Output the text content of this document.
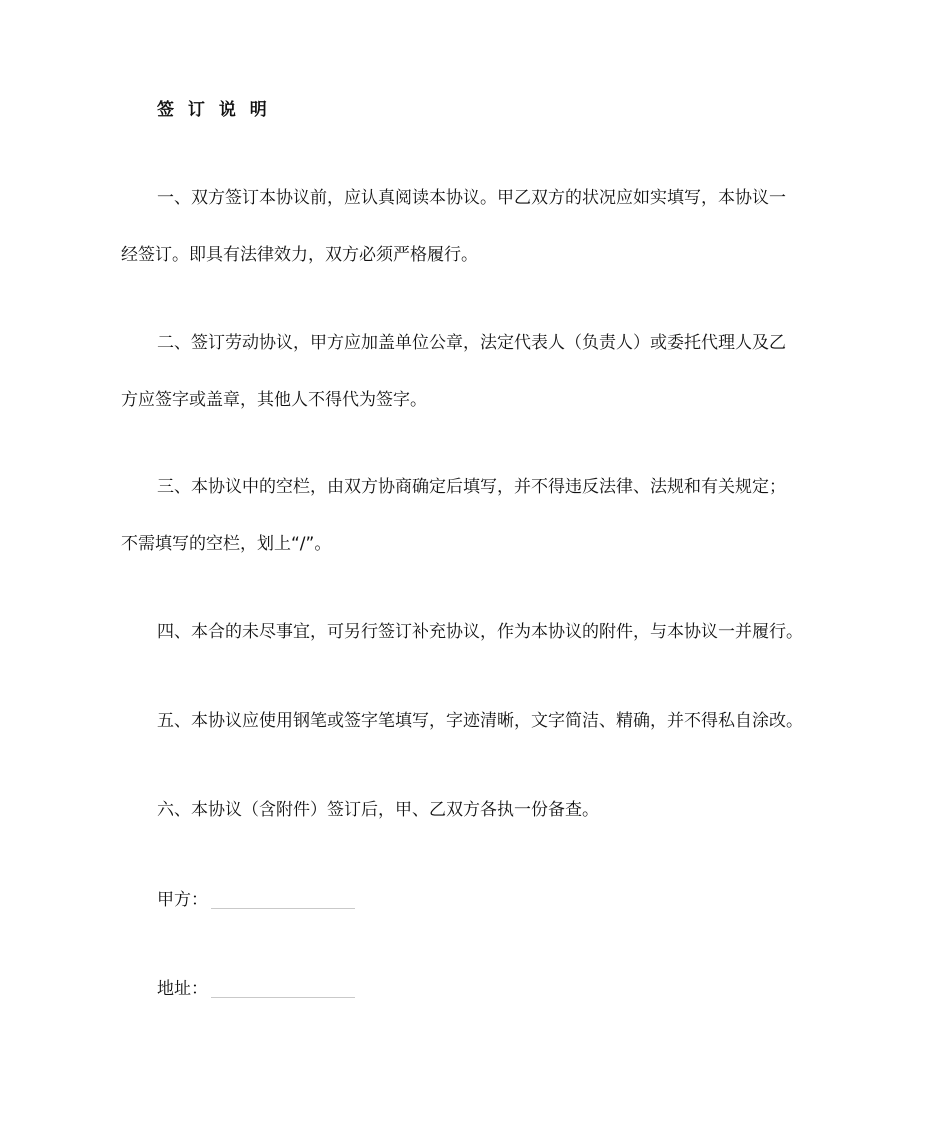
签 订 说 明

一、双方签订本协议前，应认真阅读本协议。甲乙双方的状况应如实填写，本协议一
经签订。即具有法律效力，双方必须严格履行。

二、签订劳动协议，甲方应加盖单位公章，法定代表人（负责人）或委托代理人及乙
方应签字或盖章，其他人不得代为签字。

三、本协议中的空栏，由双方协商确定后填写，并不得违反法律、法规和有关规定；
不需填写的空栏，划上“/”。

四、本合的未尽事宜，可另行签订补充协议，作为本协议的附件，与本协议一并履行。

五、本协议应使用钢笔或签字笔填写，字迹清晰，文字简洁、精确，并不得私自涂改。

六、本协议（含附件）签订后，甲、乙双方各执一份备查。

甲方：
地址：
